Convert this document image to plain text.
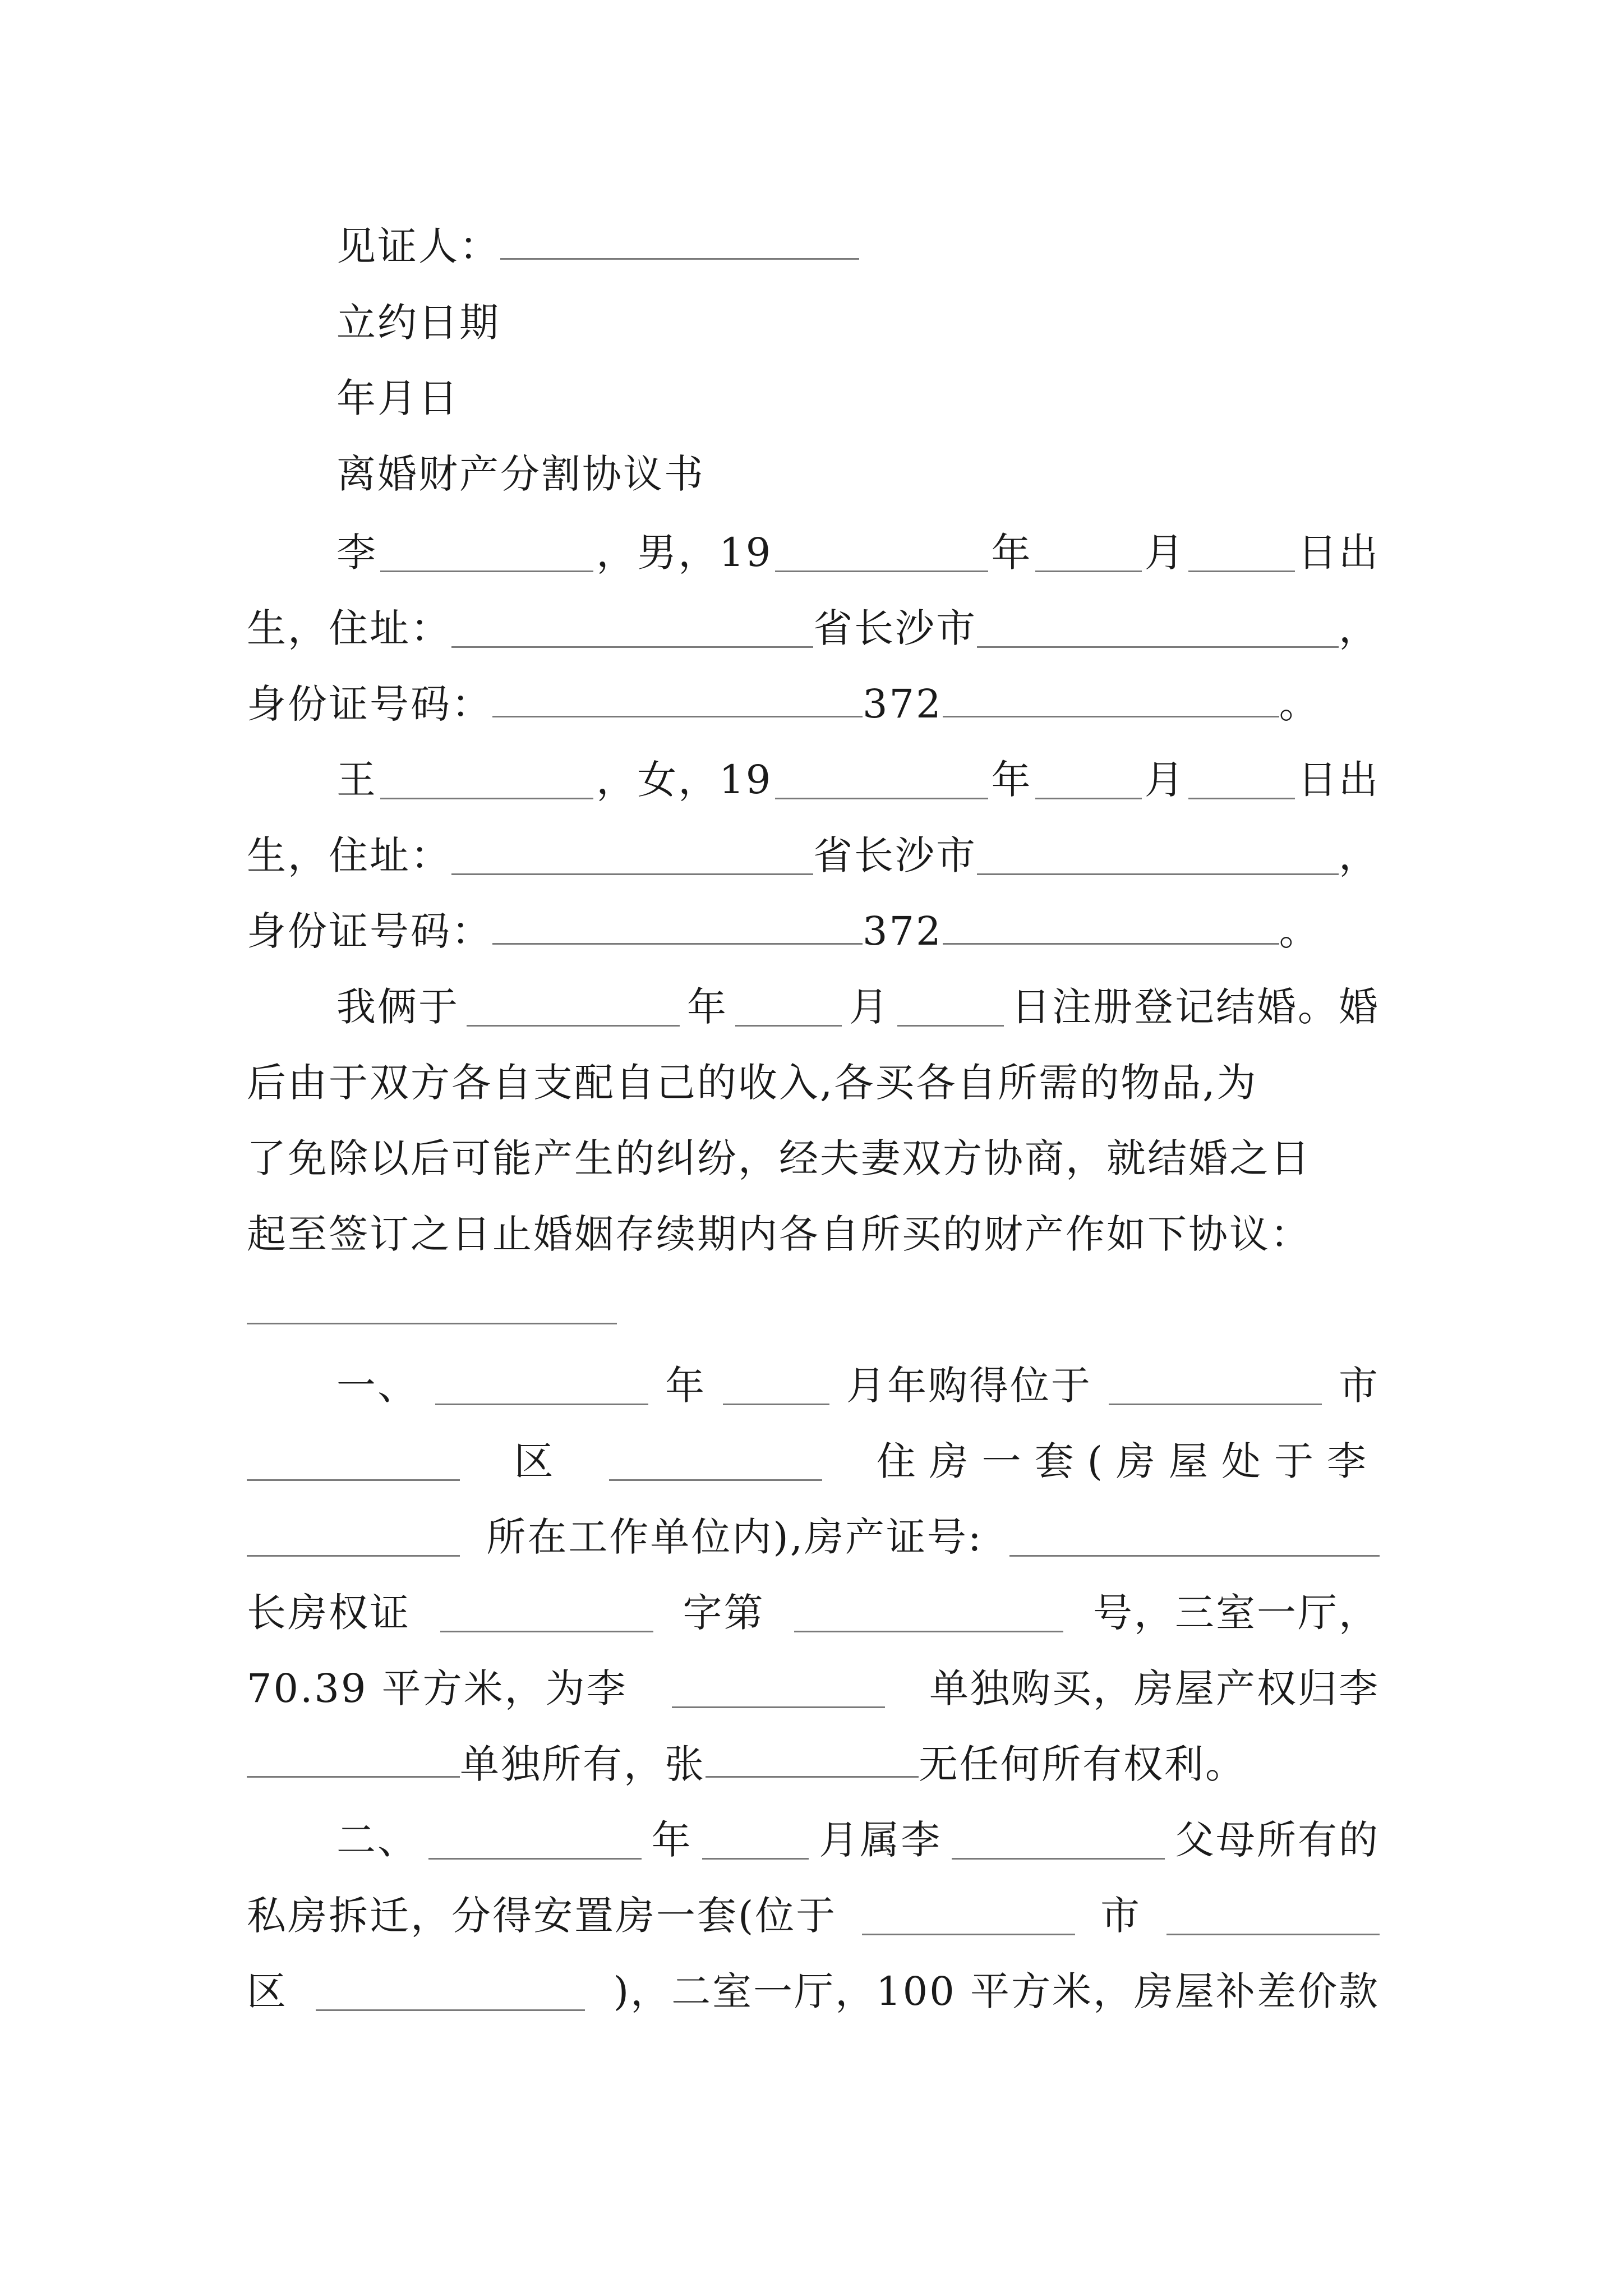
见证人：
立约日期
年月日
离婚财产分割协议书
李	，男，19	年	月	日出
生，住址：	省长沙市	，
身份证号码：	372	。
王	，女，19	年	月	日出
生，住址：	省长沙市	，
身份证号码：	372	。
我俩于	年	月	日注册登记结婚。婚
后由于双方各自支配自己的收入,各买各自所需的物品,为
了免除以后可能产生的纠纷，经夫妻双方协商，就结婚之日
起至签订之日止婚姻存续期内各自所买的财产作如下协议：
一、	年	月年购得位于	市
区	住房一套(房屋处于李
所在工作单位内),房产证号:
长房权证	字第	号，三室一厅，
70.39 平方米，为李	单独购买，房屋产权归李
单独所有，张	无任何所有权利。
二、	年	月属李	父母所有的
私房拆迁，分得安置房一套(位于	市
区	)，二室一厅，100 平方米，房屋补差价款
